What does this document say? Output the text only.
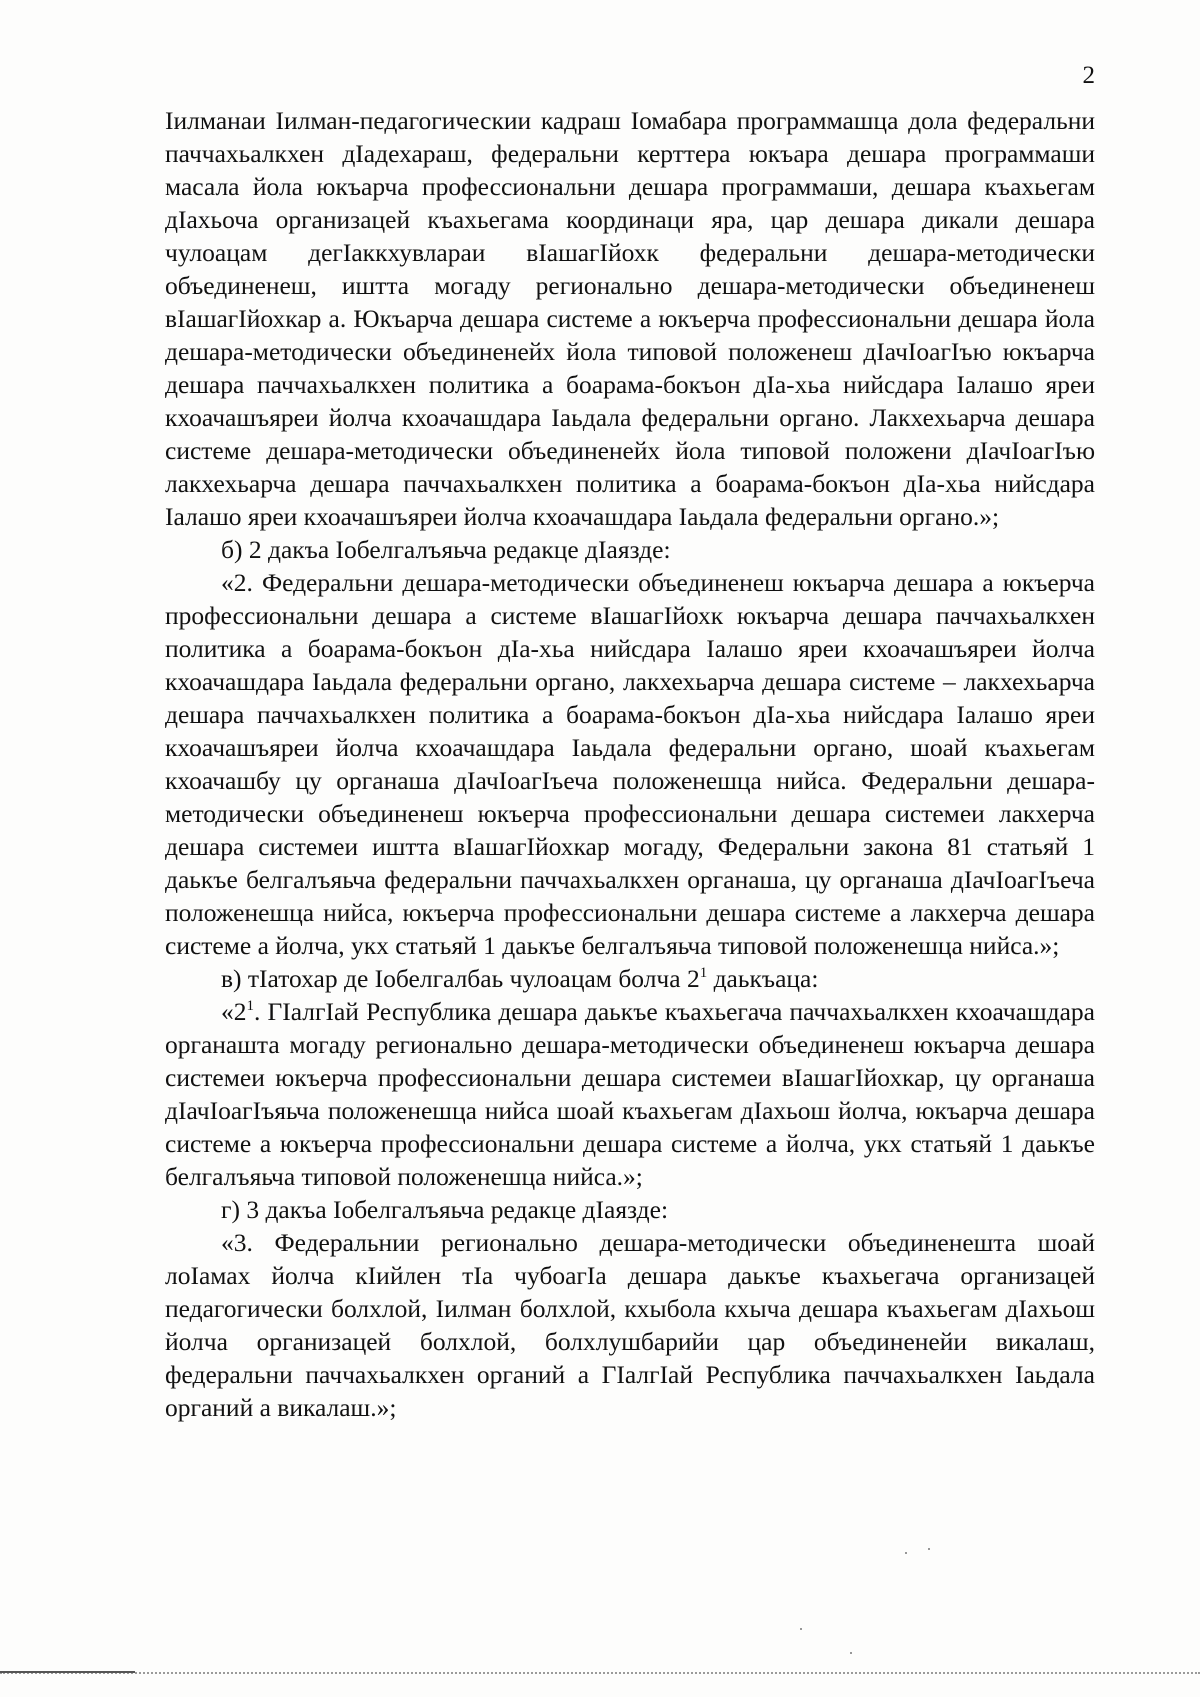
2

Iилманаи Iилман-педагогическии кадраш Iомабара программашца дола федеральни паччахьалкхен дIадехараш, федеральни керттера юкъара дешара программаши масала йола юкъарча профессиональни дешара программаши, дешара къахьегам дIахьоча организацей къахьегама координаци яра, цар дешара дикали дешара чулоацам дегIаккхувлараи вIашагIйохк федеральни дешара-методически объединенеш, иштта могаду регионально дешара-методически объединенеш вIашагIйохкар а. Юкъарча дешара системе а юкъерча профессиональни дешара йола дешара-методически объединенейх йола типовой положенеш дIачIоагIъю юкъарча дешара паччахьалкхен политика а боарама-бокъон дIа-хьа нийсдара Iалашо яреи кхоачашъяреи йолча кхоачашдара Iаьдала федеральни органо. Лакхехьарча дешара системе дешара-методически объединенейх йола типовой положени дIачIоагIъю лакхехьарча дешара паччахьалкхен политика а боарама-бокъон дIа-хьа нийсдара Iалашо яреи кхоачашъяреи йолча кхоачашдара Iаьдала федеральни органо.»;

б) 2 дакъа Iобелгалъяьча редакце дIаязде:

«2. Федеральни дешара-методически объединенеш юкъарча дешара а юкъерча профессиональни дешара а системе вIашагIйохк юкъарча дешара паччахьалкхен политика а боарама-бокъон дIа-хьа нийсдара Iалашо яреи кхоачашъяреи йолча кхоачашдара Iаьдала федеральни органо, лакхехьарча дешара системе – лакхехьарча дешара паччахьалкхен политика а боарама-бокъон дIа-хьа нийсдара Iалашо яреи кхоачашъяреи йолча кхоачашдара Iаьдала федеральни органо, шоай къахьегам кхоачашбу цу органаша дIачIоагIъеча положенешца нийса. Федеральни дешара-методически объединенеш юкъерча профессиональни дешара системеи лакхерча дешара системеи иштта вIашагIйохкар могаду, Федеральни закона 81 статьяй 1 даькъе белгалъяьча федеральни паччахьалкхен органаша, цу органаша дIачIоагIъеча положенешца нийса, юкъерча профессиональни дешара системе а лакхерча дешара системе а йолча, укх статьяй 1 даькъе белгалъяьча типовой положенешца нийса.»;

в) тIатохар де Iобелгалбаь чулоацам болча $2^1$ даькъаца:

«$2^1$. ГIалгIай Республика дешара даькъе къахьегача паччахьалкхен кхоачашдара органашта могаду регионально дешара-методически объединенеш юкъарча дешара системеи юкъерча профессиональни дешара системеи вIашагIйохкар, цу органаша дIачIоагIъяьча положенешца нийса шоай къахьегам дIахьош йолча, юкъарча дешара системе а юкъерча профессиональни дешара системе а йолча, укх статьяй 1 даькъе белгалъяьча типовой положенешца нийса.»;

г) 3 дакъа Iобелгалъяьча редакце дIаязде:

«3. Федеральнии регионально дешара-методически объединенешта шоай лоIамах йолча кIийлен тIа чубоагIа дешара даькъе къахьегача организацей педагогически болхлой, Iилман болхлой, кхыбола кхыча дешара къахьегам дIахьош йолча организацей болхлой, болхлушбарийи цар объединенейи викалаш, федеральни паччахьалкхен органий а ГIалгIай Республика паччахьалкхен Iаьдала органий а викалаш.»;
